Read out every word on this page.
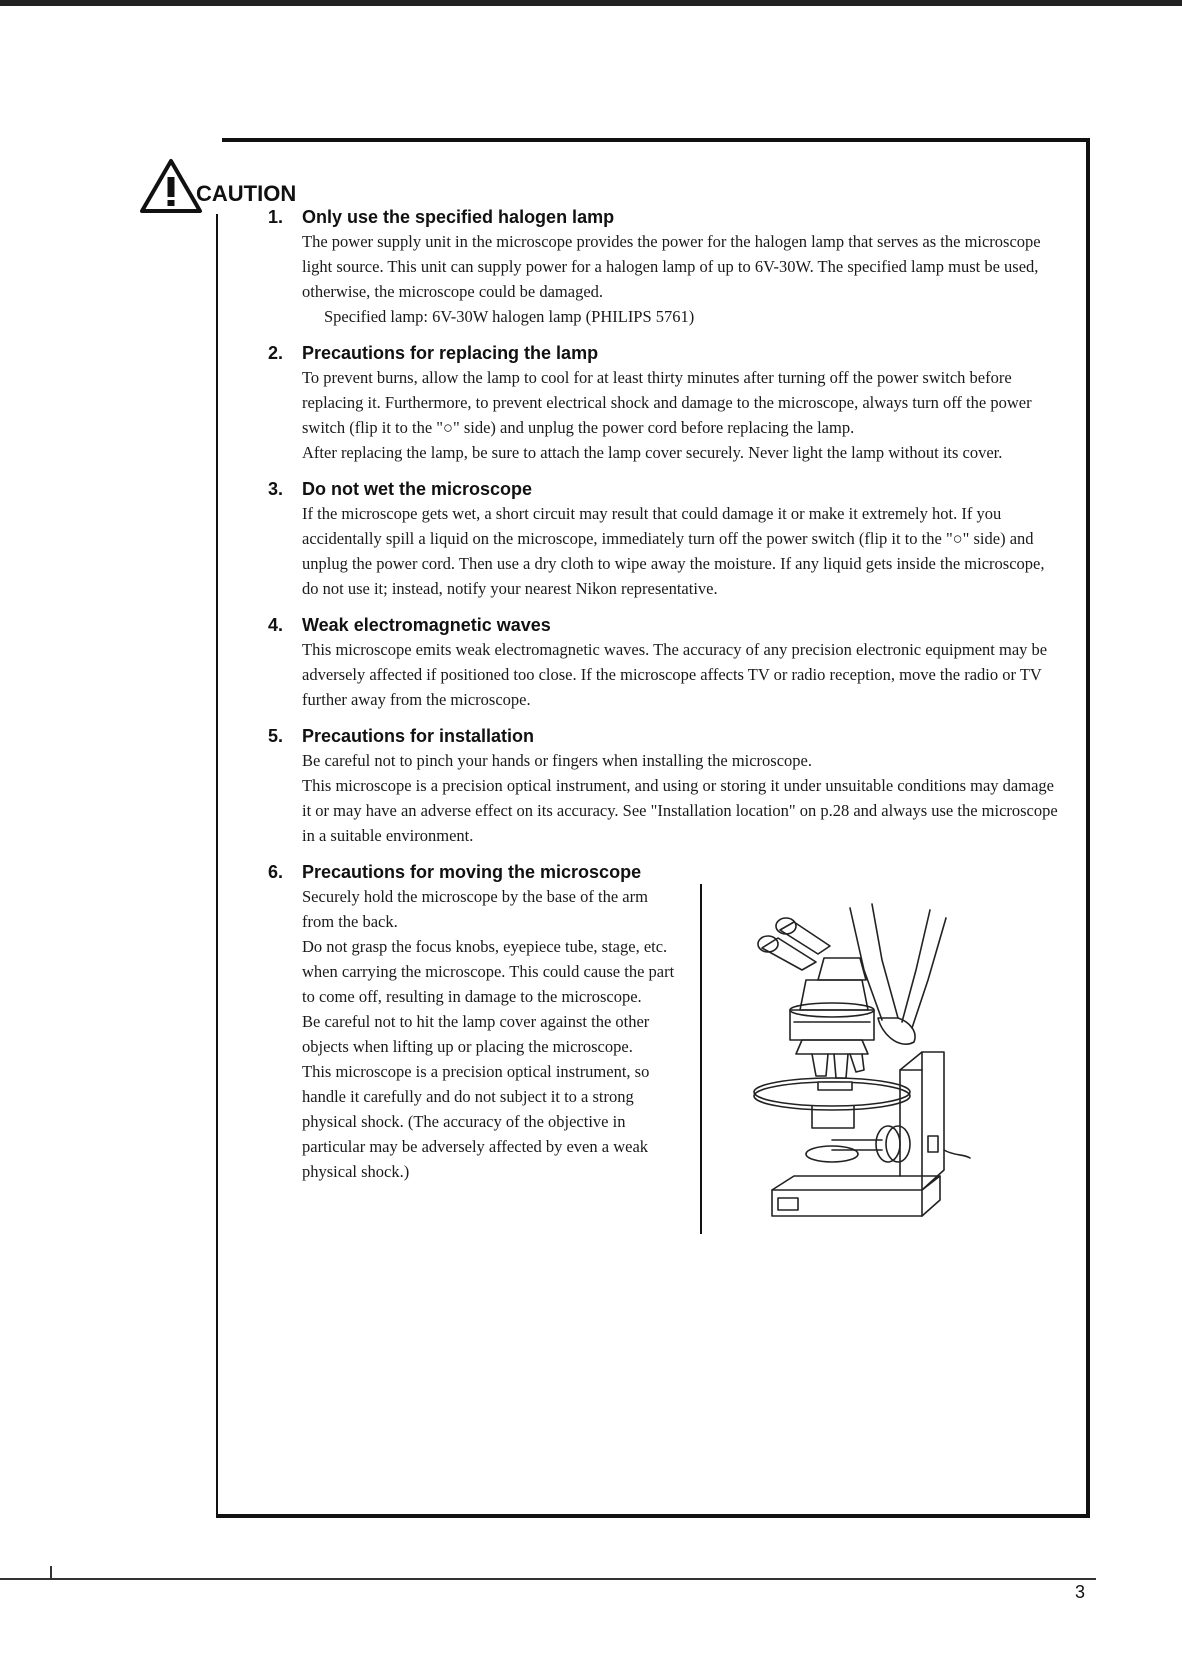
CAUTION
1.	Only use the specified halogen lamp

The power supply unit in the microscope provides the power for the halogen lamp that serves as the microscope light source. This unit can supply power for a halogen lamp of up to 6V-30W. The specified lamp must be used, otherwise, the microscope could be damaged.

Specified lamp: 6V-30W halogen lamp (PHILIPS 5761)

2.	Precautions for replacing the lamp

To prevent burns, allow the lamp to cool for at least thirty minutes after turning off the power switch before replacing it. Furthermore, to prevent electrical shock and damage to the microscope, always turn off the power switch (flip it to the "○" side) and unplug the power cord before replacing the lamp.

After replacing the lamp, be sure to attach the lamp cover securely. Never light the lamp without its cover.

3.	Do not wet the microscope

If the microscope gets wet, a short circuit may result that could damage it or make it extremely hot. If you accidentally spill a liquid on the microscope, immediately turn off the power switch (flip it to the "○" side) and unplug the power cord. Then use a dry cloth to wipe away the moisture. If any liquid gets inside the microscope, do not use it; instead, notify your nearest Nikon representative.

4.	Weak electromagnetic waves

This microscope emits weak electromagnetic waves. The accuracy of any precision electronic equipment may be adversely affected if positioned too close. If the microscope affects TV or radio reception, move the radio or TV further away from the microscope.

5.	Precautions for installation

Be careful not to pinch your hands or fingers when installing the microscope.

This microscope is a precision optical instrument, and using or storing it under unsuitable conditions may damage it or may have an adverse effect on its accuracy. See "Installation location" on p.28 and always use the microscope in a suitable environment.

6.	Precautions for moving the microscope

Securely hold the microscope by the base of the arm from the back.

Do not grasp the focus knobs, eyepiece tube, stage, etc. when carrying the microscope. This could cause the part to come off, resulting in damage to the microscope.

Be careful not to hit the lamp cover against the other objects when lifting up or placing the microscope.

This microscope is a precision optical instrument, so handle it carefully and do not subject it to a strong physical shock. (The accuracy of the objective in particular may be adversely affected by even a weak physical shock.)

3
